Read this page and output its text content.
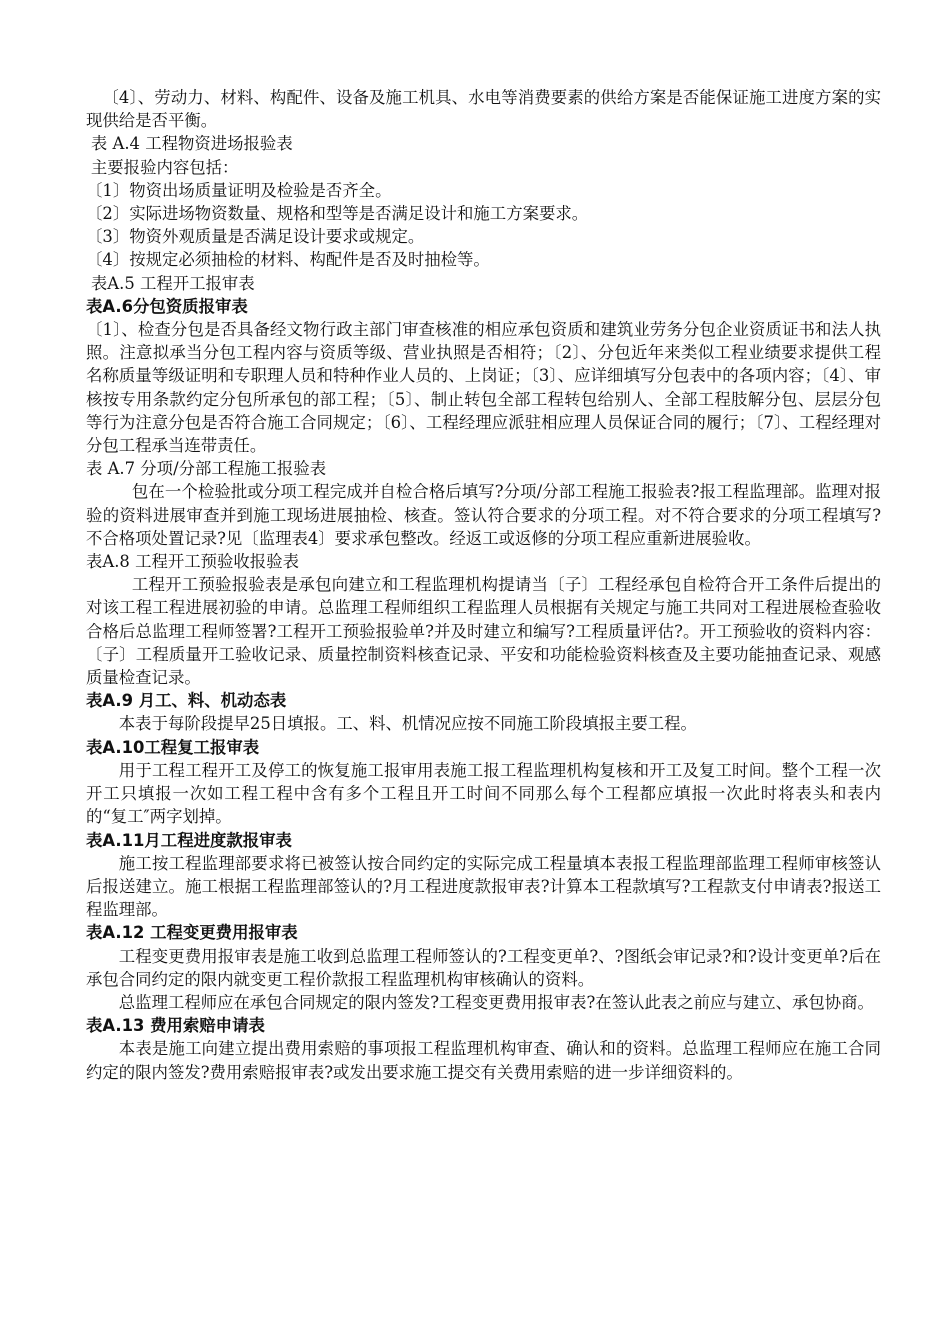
〔4〕、劳动力、材料、构配件、设备及施工机具、水电等消费要素的供给方案是否能保证施工进度方案的实现供给是否平衡。

表 A.4 工程物资进场报验表

主要报验内容包括：

〔1〕物资出场质量证明及检验是否齐全。

〔2〕实际进场物资数量、规格和型等是否满足设计和施工方案要求。

〔3〕物资外观质量是否满足设计要求或规定。

〔4〕按规定必须抽检的材料、构配件是否及时抽检等。

表A.5 工程开工报审表

表A.6分包资质报审表

〔1〕、检查分包是否具备经文物行政主部门审查核准的相应承包资质和建筑业劳务分包企业资质证书和法人执照。注意拟承当分包工程内容与资质等级、营业执照是否相符；〔2〕、分包近年来类似工程业绩要求提供工程名称质量等级证明和专职理人员和特种作业人员的、上岗证；〔3〕、应详细填写分包表中的各项内容；〔4〕、审核按专用条款约定分包所承包的部工程；〔5〕、制止转包全部工程转包给别人、全部工程肢解分包、层层分包等行为注意分包是否符合施工合同规定；〔6〕、工程经理应派驻相应理人员保证合同的履行；〔7〕、工程经理对分包工程承当连带责任。

表 A.7 分项/分部工程施工报验表

包在一个检验批或分项工程完成并自检合格后填写?分项/分部工程施工报验表?报工程监理部。监理对报验的资料进展审查并到施工现场进展抽检、核查。签认符合要求的分项工程。对不符合要求的分项工程填写?不合格项处置记录?见〔监理表4〕要求承包整改。经返工或返修的分项工程应重新进展验收。

表A.8 工程开工预验收报验表

工程开工预验报验表是承包向建立和工程监理机构提请当〔子〕工程经承包自检符合开工条件后提出的对该工程工程进展初验的申请。总监理工程师组织工程监理人员根据有关规定与施工共同对工程进展检查验收合格后总监理工程师签署?工程开工预验报验单?并及时建立和编写?工程质量评估?。开工预验收的资料内容：〔子〕工程质量开工验收记录、质量控制资料核查记录、平安和功能检验资料核查及主要功能抽查记录、观感质量检查记录。

表A.9 月工、料、机动态表

本表于每阶段提早25日填报。工、料、机情况应按不同施工阶段填报主要工程。

表A.10工程复工报审表

用于工程工程开工及停工的恢复施工报审用表施工报工程监理机构复核和开工及复工时间。整个工程一次开工只填报一次如工程工程中含有多个工程且开工时间不同那么每个工程都应填报一次此时将表头和表内的“复工″两字划掉。

表A.11月工程进度款报审表

施工按工程监理部要求将已被签认按合同约定的实际完成工程量填本表报工程监理部监理工程师审核签认后报送建立。施工根据工程监理部签认的?月工程进度款报审表?计算本工程款填写?工程款支付申请表?报送工程监理部。

表A.12 工程变更费用报审表

工程变更费用报审表是施工收到总监理工程师签认的?工程变更单?、?图纸会审记录?和?设计变更单?后在承包合同约定的限内就变更工程价款报工程监理机构审核确认的资料。

总监理工程师应在承包合同规定的限内签发?工程变更费用报审表?在签认此表之前应与建立、承包协商。

表A.13 费用索赔申请表

本表是施工向建立提出费用索赔的事项报工程监理机构审查、确认和的资料。总监理工程师应在施工合同约定的限内签发?费用索赔报审表?或发出要求施工提交有关费用索赔的进一步详细资料的。
